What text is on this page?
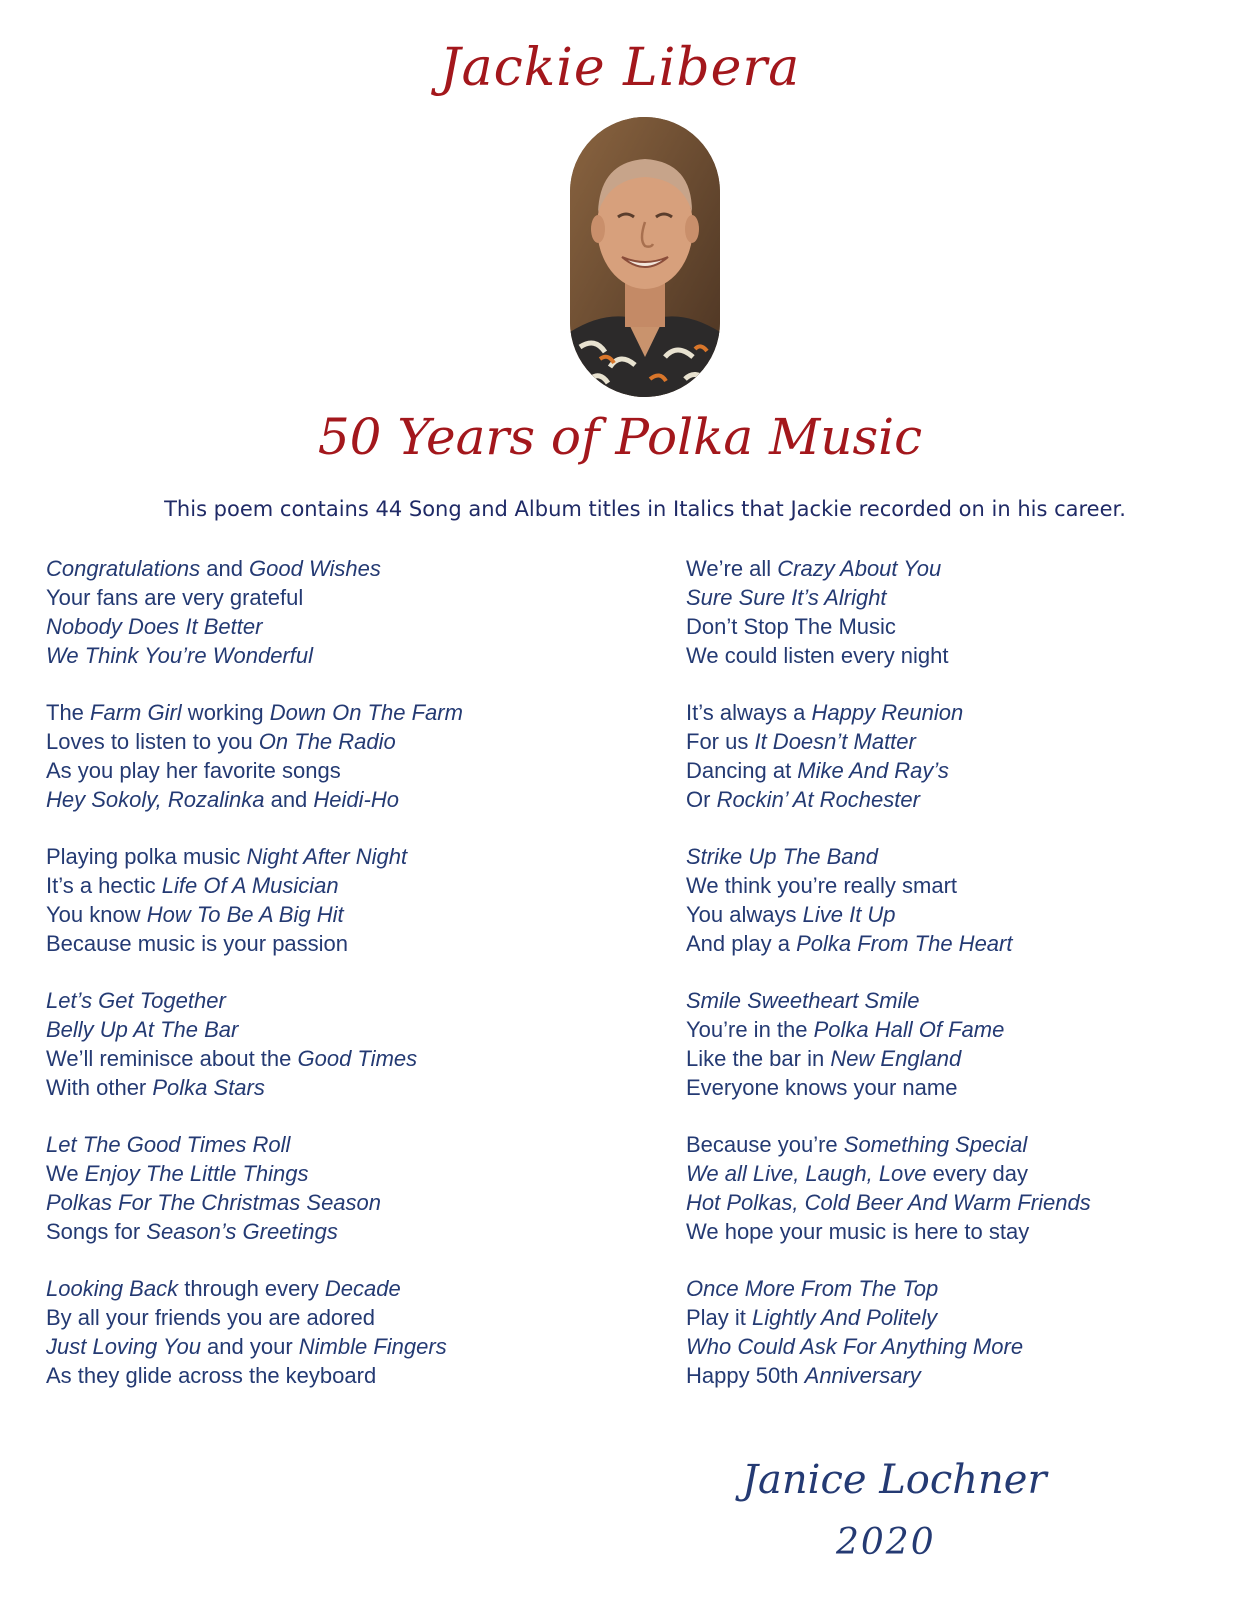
Jackie Libera
50 Years of Polka Music
This poem contains 44 Song and Album titles in Italics that Jackie recorded on in his career.
Congratulations and Good Wishes
Your fans are very grateful
Nobody Does It Better
We Think You’re Wonderful
The Farm Girl working Down On The Farm
Loves to listen to you On The Radio
As you play her favorite songs
Hey Sokoly, Rozalinka and Heidi-Ho
Playing polka music Night After Night
It’s a hectic Life Of A Musician
You know How To Be A Big Hit
Because music is your passion
Let’s Get Together
Belly Up At The Bar
We’ll reminisce about the Good Times
With other Polka Stars
Let The Good Times Roll
We Enjoy The Little Things
Polkas For The Christmas Season
Songs for Season’s Greetings
Looking Back through every Decade
By all your friends you are adored
Just Loving You and your Nimble Fingers
As they glide across the keyboard
We’re all Crazy About You
Sure Sure It’s Alright
Don’t Stop The Music
We could listen every night
It’s always a Happy Reunion
For us It Doesn’t Matter
Dancing at Mike And Ray’s
Or Rockin’ At Rochester
Strike Up The Band
We think you’re really smart
You always Live It Up
And play a Polka From The Heart
Smile Sweetheart Smile
You’re in the Polka Hall Of Fame
Like the bar in New England
Everyone knows your name
Because you’re Something Special
We all Live, Laugh, Love every day
Hot Polkas, Cold Beer And Warm Friends
We hope your music is here to stay
Once More From The Top
Play it Lightly And Politely
Who Could Ask For Anything More
Happy 50th Anniversary
Janice Lochner
2020
